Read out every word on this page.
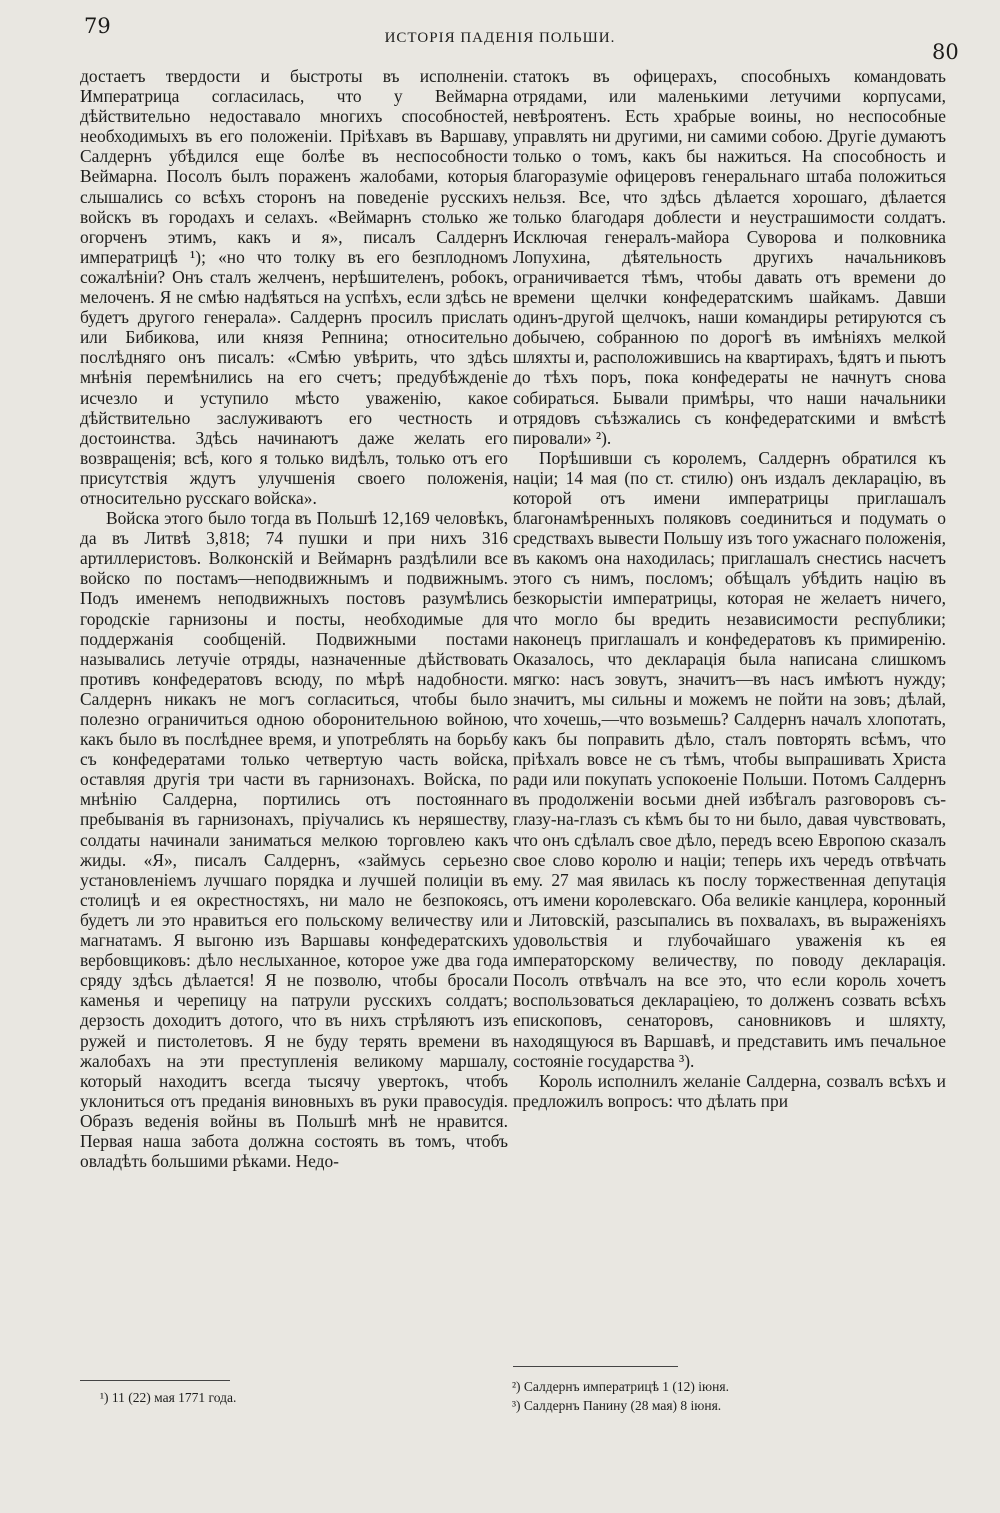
79	ИСТОРІЯ ПАДЕНІЯ ПОЛЬШИ.
80

достаетъ твердости и быстроты въ исполненіи. Императрица согласилась, что у Веймарна дѣйствительно недоставало многихъ способностей, необходимыхъ въ его положеніи. Пріѣхавъ въ Варшаву, Салдернъ убѣдился еще болѣе въ неспособности Веймарна. Посолъ былъ пораженъ жалобами, которыя слышались со всѣхъ сторонъ на поведеніе русскихъ войскъ въ городахъ и селахъ. «Веймарнъ столько же огорченъ этимъ, какъ и я», писалъ Салдернъ императрицѣ ¹); «но что толку въ его безплодномъ сожалѣніи? Онъ сталъ желченъ, нерѣшителенъ, робокъ, мелоченъ. Я не смѣю надѣяться на успѣхъ, если здѣсь не будетъ другого генерала». Салдернъ просилъ прислать или Бибикова, или князя Репнина; относительно послѣдняго онъ писалъ: «Смѣю увѣрить, что здѣсь мнѣнія перемѣнились на его счетъ; предубѣжденіе исчезло и уступило мѣсто уваженію, какое дѣйствительно заслуживаютъ его честность и достоинства. Здѣсь начинаютъ даже желать его возвращенія; всѣ, кого я только видѣлъ, только отъ его присутствія ждутъ улучшенія своего положенія, относительно русскаго войска».

Войска этого было тогда въ Польшѣ 12,169 человѣкъ, да въ Литвѣ 3,818; 74 пушки и при нихъ 316 артиллеристовъ. Волконскій и Веймарнъ раздѣлили все войско по постамъ—неподвижнымъ и подвижнымъ. Подъ именемъ неподвижныхъ постовъ разумѣлись городскіе гарнизоны и посты, необходимые для поддержанія сообщеній. Подвижными постами назывались летучіе отряды, назначенные дѣйствовать противъ конфедератовъ всюду, по мѣрѣ надобности. Салдернъ никакъ не могъ согласиться, чтобы было полезно ограничиться одною оборонительною войною, какъ было въ послѣднее время, и употреблять на борьбу съ конфедератами только четвертую часть войска, оставляя другія три части въ гарнизонахъ. Войска, по мнѣнію Салдерна, портились отъ постояннаго пребыванія въ гарнизонахъ, пріучались къ неряшеству, солдаты начинали заниматься мелкою торговлею какъ жиды. «Я», писалъ Салдернъ, «займусь серьезно установленіемъ лучшаго порядка и лучшей полиціи въ столицѣ и ея окрестностяхъ, ни мало не безпокоясь, будетъ ли это нравиться его польскому величеству или магнатамъ. Я выгоню изъ Варшавы конфедератскихъ вербовщиковъ: дѣло неслыханное, которое уже два года сряду здѣсь дѣлается! Я не позволю, чтобы бросали каменья и черепицу на патрули русскихъ солдатъ; дерзость доходитъ дотого, что въ нихъ стрѣляютъ изъ ружей и пистолетовъ. Я не буду терять времени въ жалобахъ на эти преступленія великому маршалу, который находитъ всегда тысячу увертокъ, чтобъ уклониться отъ преданія виновныхъ въ руки правосудія. Образъ веденія войны въ Польшѣ мнѣ не нравится. Первая наша забота должна состоять въ томъ, чтобъ овладѣть большими рѣками. Недо-

статокъ въ офицерахъ, способныхъ командовать отрядами, или маленькими летучими корпусами, невѣроятенъ. Есть храбрые воины, но неспособные управлять ни другими, ни самими собою. Другіе думаютъ только о томъ, какъ бы нажиться. На способность и благоразуміе офицеровъ генеральнаго штаба положиться нельзя. Все, что здѣсь дѣлается хорошаго, дѣлается только благодаря доблести и неустрашимости солдатъ. Исключая генералъ-майора Суворова и полковника Лопухина, дѣятельность другихъ начальниковъ ограничивается тѣмъ, чтобы давать отъ времени до времени щелчки конфедератскимъ шайкамъ. Давши одинъ-другой щелчокъ, наши командиры ретируются съ добычею, собранною по дорогѣ въ имѣніяхъ мелкой шляхты и, расположившись на квартирахъ, ѣдятъ и пьютъ до тѣхъ поръ, пока конфедераты не начнутъ снова собираться. Бывали примѣры, что наши начальники отрядовъ съѣзжались съ конфедератскими и вмѣстѣ пировали» ²).

Порѣшивши съ королемъ, Салдернъ обратился къ націи; 14 мая (по ст. стилю) онъ издалъ декларацію, въ которой отъ имени императрицы приглашалъ благонамѣренныхъ поляковъ соединиться и подумать о средствахъ вывести Польшу изъ того ужаснаго положенія, въ какомъ она находилась; приглашалъ снестись насчетъ этого съ нимъ, посломъ; обѣщалъ убѣдить націю въ безкорыстіи императрицы, которая не желаетъ ничего, что могло бы вредить независимости республики; наконецъ приглашалъ и конфедератовъ къ примиренію. Оказалось, что декларація была написана слишкомъ мягко: насъ зовутъ, значитъ—въ насъ имѣютъ нужду; значитъ, мы сильны и можемъ не пойти на зовъ; дѣлай, что хочешь,—что возьмешь? Салдернъ началъ хлопотать, какъ бы поправить дѣло, сталъ повторять всѣмъ, что пріѣхалъ вовсе не съ тѣмъ, чтобы выпрашивать Христа ради или покупать успокоеніе Польши. Потомъ Салдернъ въ продолженіи восьми дней избѣгалъ разговоровъ съ-глазу-на-глазъ съ кѣмъ бы то ни было, давая чувствовать, что онъ сдѣлалъ свое дѣло, передъ всею Европою сказалъ свое слово королю и націи; теперь ихъ чередъ отвѣчать ему. 27 мая явилась къ послу торжественная депутація отъ имени королевскаго. Оба великіе канцлера, коронный и Литовскій, разсыпались въ похвалахъ, въ выраженіяхъ удовольствія и глубочайшаго уваженія къ ея императорскому величеству, по поводу декларація. Посолъ отвѣчалъ на все это, что если король хочетъ воспользоваться деклараціею, то долженъ созвать всѣхъ епископовъ, сенаторовъ, сановниковъ и шляхту, находящуюся въ Варшавѣ, и представить имъ печальное состояніе государства ³).

Король исполнилъ желаніе Салдерна, созвалъ всѣхъ и предложилъ вопросъ: что дѣлать при

¹) 11 (22) мая 1771 года.
²) Салдернъ императрицѣ 1 (12) іюня.
³) Салдернъ Панину (28 мая) 8 іюня.
